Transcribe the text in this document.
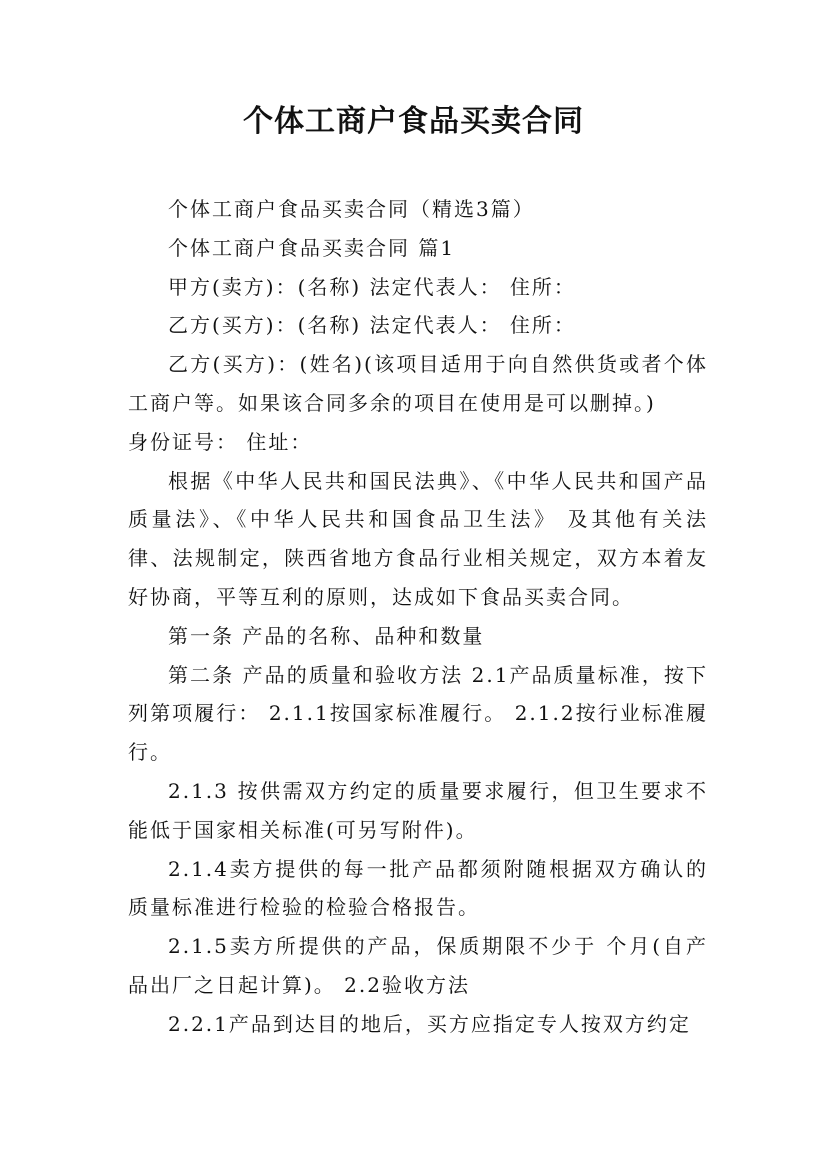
个体工商户食品买卖合同

个体工商户食品买卖合同（精选3篇）

个体工商户食品买卖合同 篇1

甲方(卖方)：(名称) 法定代表人： 住所：

乙方(买方)：(名称) 法定代表人： 住所：

乙方(买方)：(姓名)(该项目适用于向自然供货或者个体工商户等。如果该合同多余的项目在使用是可以删掉。)

身份证号： 住址：

根据《中华人民共和国民法典》、《中华人民共和国产品质量法》、《中华人民共和国食品卫生法》 及其他有关法律、法规制定，陕西省地方食品行业相关规定，双方本着友好协商，平等互利的原则，达成如下食品买卖合同。

第一条 产品的名称、品种和数量

第二条 产品的质量和验收方法 2.1产品质量标准，按下列第项履行： 2.1.1按国家标准履行。 2.1.2按行业标准履行。

2.1.3 按供需双方约定的质量要求履行，但卫生要求不能低于国家相关标准(可另写附件)。

2.1.4卖方提供的每一批产品都须附随根据双方确认的质量标准进行检验的检验合格报告。

2.1.5卖方所提供的产品，保质期限不少于 个月(自产品出厂之日起计算)。 2.2验收方法

2.2.1产品到达目的地后，买方应指定专人按双方约定
